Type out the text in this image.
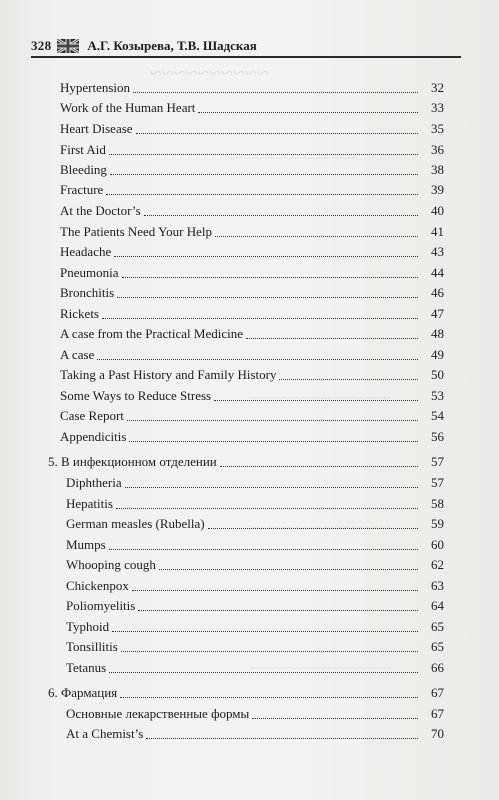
~~~~~~~~~~
~~~~~~~~~~~~~~~~~~
~~~~~~~~~~~~~~~~~~~~
~~~~~~~~~~~~~~~~~~~~
~~~~~~~~~~~~~~~~~~~~
~~~~~~~~~~~~~~~~~~~~
328	А.Г. Козырева, Т.В. Шадская
Hypertension	32
Work of the Human Heart	33
Heart Disease	35
First Aid	36
Bleeding	38
Fracture	39
At the Doctor’s	40
The Patients Need Your Help	41
Headache	43
Pneumonia	44
Bronchitis	46
Rickets	47
A case from the Practical Medicine	48
A case	49
Taking a Past History and Family History	50
Some Ways to Reduce Stress	53
Case Report	54
Appendicitis	56
5. В инфекционном отделении	57
Diphtheria	57
Hepatitis	58
German measles (Rubella)	59
Mumps	60
Whooping cough	62
Chickenpox	63
Poliomyelitis	64
Typhoid	65
Tonsillitis	65
Tetanus	66
6. Фармация	67
Основные лекарственные формы	67
At a Chemist’s	70
